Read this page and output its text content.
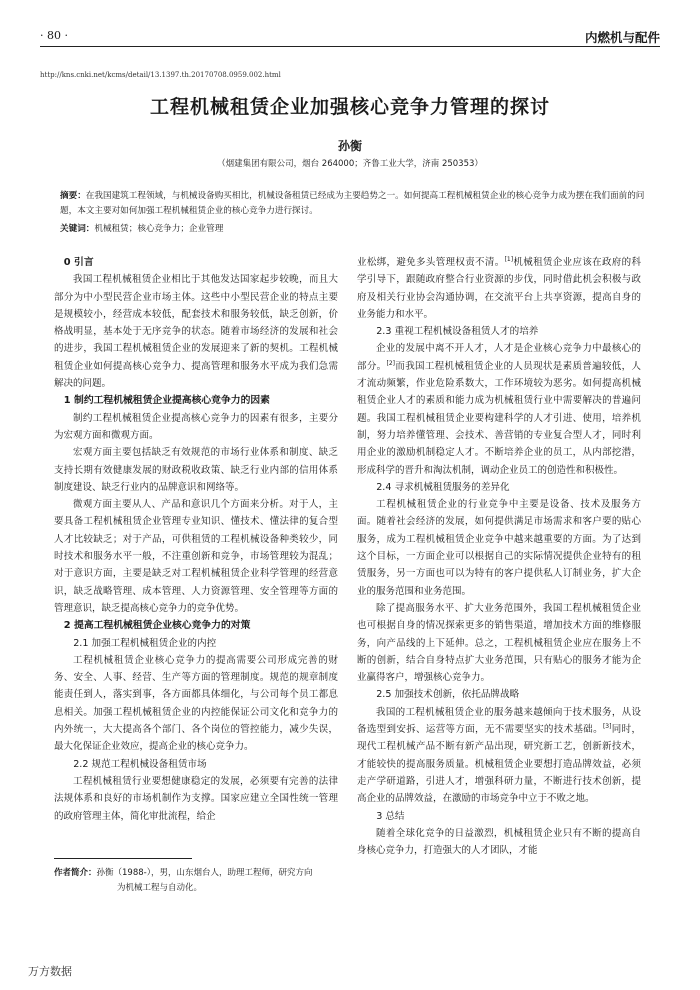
· 80 ·	内燃机与配件
http://kns.cnki.net/kcms/detail/13.1397.th.20170708.0959.002.html
工程机械租赁企业加强核心竞争力管理的探讨
孙衡
（烟建集团有限公司，烟台 264000；齐鲁工业大学，济南 250353）
摘要：在我国建筑工程领域，与机械设备购买相比，机械设备租赁已经成为主要趋势之一。如何提高工程机械租赁企业的核心竞争力成为摆在我们面前的问题，本文主要对如何加强工程机械租赁企业的核心竞争力进行探讨。
关键词：机械租赁；核心竞争力；企业管理
0 引言

我国工程机械租赁企业相比于其他发达国家起步较晚，而且大部分为中小型民营企业市场主体。这些中小型民营企业的特点主要是规模较小，经营成本较低，配套技术和服务较低，缺乏创新，价格战明显，基本处于无序竞争的状态。随着市场经济的发展和社会的进步，我国工程机械租赁企业的发展迎来了新的契机。工程机械租赁企业如何提高核心竞争力、提高管理和服务水平成为我们急需解决的问题。

1 制约工程机械租赁企业提高核心竞争力的因素

制约工程机械租赁企业提高核心竞争力的因素有很多，主要分为宏观方面和微观方面。

宏观方面主要包括缺乏有效规范的市场行业体系和制度、缺乏支持长期有效健康发展的财政税收政策、缺乏行业内部的信用体系制度建设、缺乏行业内的品牌意识和网络等。

微观方面主要从人、产品和意识几个方面来分析。对于人，主要具备工程机械租赁企业管理专业知识、懂技术、懂法律的复合型人才比较缺乏；对于产品，可供租赁的工程机械设备种类较少，同时技术和服务水平一般，不注重创新和竞争，市场管理较为混乱；对于意识方面，主要是缺乏对工程机械租赁企业科学管理的经营意识，缺乏战略管理、成本管理、人力资源管理、安全管理等方面的管理意识，缺乏提高核心竞争力的竞争优势。

2 提高工程机械租赁企业核心竞争力的对策
2.1 加强工程机械租赁企业的内控

工程机械租赁企业核心竞争力的提高需要公司形成完善的财务、安全、人事、经营、生产等方面的管理制度。规范的规章制度能责任到人，落实到事，各方面都具体细化，与公司每个员工都息息相关。加强工程机械租赁企业的内控能保证公司文化和竞争力的内外统一，大大提高各个部门、各个岗位的管控能力，减少失误，最大化保证企业效应，提高企业的核心竞争力。

2.2 规范工程机械设备租赁市场

工程机械租赁行业要想健康稳定的发展，必须要有完善的法律法规体系和良好的市场机制作为支撑。国家应建立全国性统一管理的政府管理主体，简化审批流程，给企

业松绑，避免多头管理权责不清。[1]机械租赁企业应该在政府的科学引导下，跟随政府整合行业资源的步伐，同时借此机会积极与政府及相关行业协会沟通协调，在交流平台上共享资源，提高自身的业务能力和水平。

2.3 重视工程机械设备租赁人才的培养

企业的发展中离不开人才，人才是企业核心竞争力中最核心的部分。[2]而我国工程机械租赁企业的人员现状是素质普遍较低，人才流动频繁，作业危险系数大，工作环境较为恶劣。如何提高机械租赁企业人才的素质和能力成为机械租赁行业中需要解决的普遍问题。我国工程机械租赁企业要构建科学的人才引进、使用，培养机制，努力培养懂管理、会技术、善营销的专业复合型人才，同时利用企业的激励机制稳定人才。不断培养企业的员工，从内部挖潜，形成科学的晋升和淘汰机制，调动企业员工的创造性和积极性。

2.4 寻求机械租赁服务的差异化

工程机械租赁企业的行业竞争中主要是设备、技术及服务方面。随着社会经济的发展，如何提供满足市场需求和客户要的贴心服务，成为工程机械租赁企业竞争中越来越重要的方面。为了达到这个目标，一方面企业可以根据自己的实际情况提供企业特有的租赁服务，另一方面也可以为特有的客户提供私人订制业务，扩大企业的服务范围和业务范围。

除了提高服务水平、扩大业务范围外，我国工程机械租赁企业也可根据自身的情况探索更多的销售渠道，增加技术方面的维修服务，向产品线的上下延伸。总之，工程机械租赁企业应在服务上不断的创新，结合自身特点扩大业务范围，只有贴心的服务才能为企业赢得客户，增强核心竞争力。

2.5 加强技术创新，依托品牌战略

我国的工程机械租赁企业的服务越来越倾向于技术服务，从设备选型到安拆、运营等方面，无不需要坚实的技术基础。[3]同时，现代工程机械产品不断有新产品出现，研究新工艺，创新新技术，才能较快的提高服务质量。机械租赁企业要想打造品牌效益，必须走产学研道路，引进人才，增强科研力量，不断进行技术创新，提高企业的品牌效益，在激励的市场竞争中立于不败之地。

3 总结

随着全球化竞争的日益激烈，机械租赁企业只有不断的提高自身核心竞争力，打造强大的人才团队，才能

作者简介：孙衡（1988-），男，山东烟台人，助理工程师，研究方向
为机械工程与自动化。
万方数据
